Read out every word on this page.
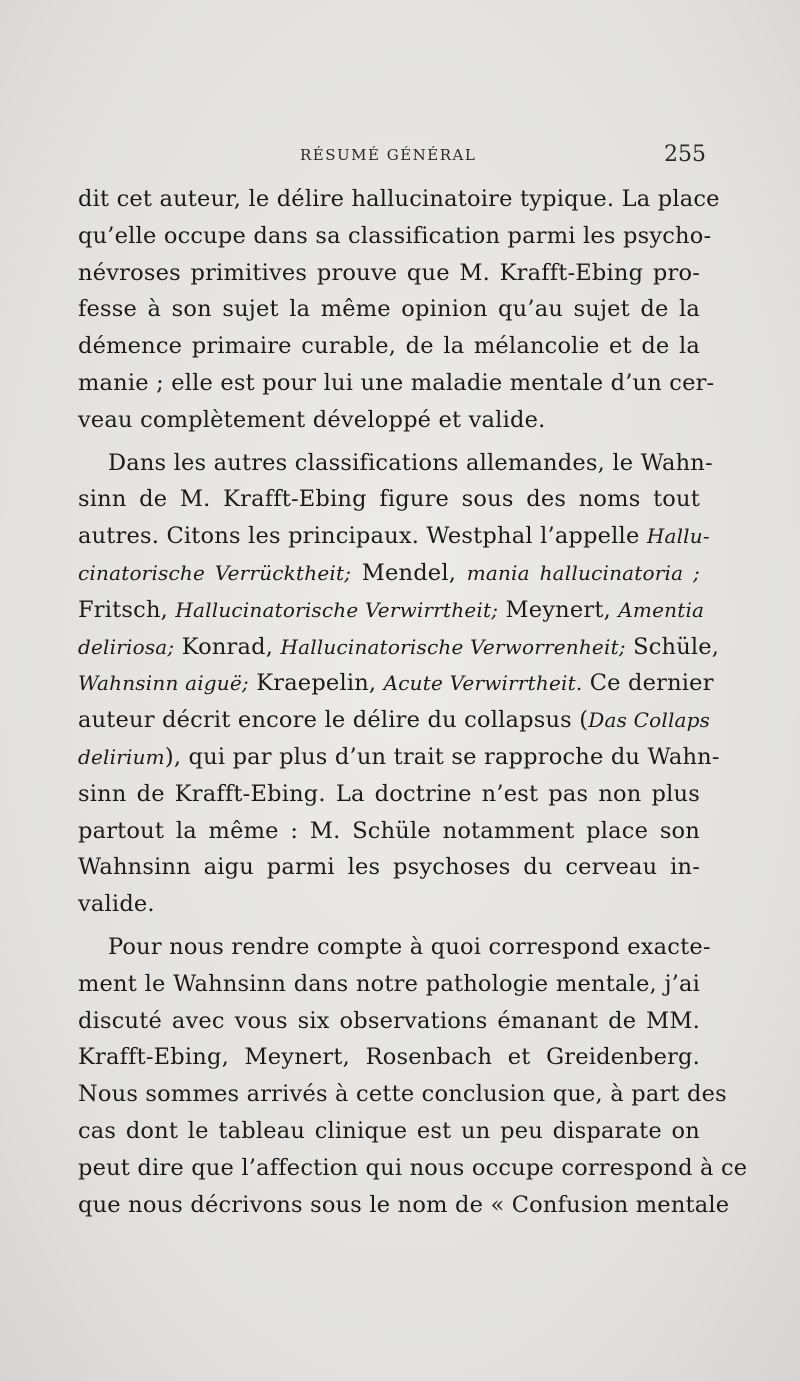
RÉSUMÉ GÉNÉRAL	255
dit cet auteur, le délire hallucinatoire typique. La place
qu’elle occupe dans sa classification parmi les psycho-
névroses primitives prouve que M. Krafft-Ebing pro-
fesse à son sujet la même opinion qu’au sujet de la
démence primaire curable, de la mélancolie et de la
manie ; elle est pour lui une maladie mentale d’un cer-
veau complètement développé et valide.
Dans les autres classifications allemandes, le Wahn-
sinn de M. Krafft-Ebing figure sous des noms tout
autres. Citons les principaux. Westphal l’appelle Hallu-
cinatorische Verrücktheit; Mendel, mania hallucinatoria ;
Fritsch, Hallucinatorische Verwirrtheit; Meynert, Amentia
deliriosa; Konrad, Hallucinatorische Verworrenheit; Schüle,
Wahnsinn aiguë; Kraepelin, Acute Verwirrtheit. Ce dernier
auteur décrit encore le délire du collapsus (Das Collaps
delirium), qui par plus d’un trait se rapproche du Wahn-
sinn de Krafft-Ebing. La doctrine n’est pas non plus
partout la même : M. Schüle notamment place son
Wahnsinn aigu parmi les psychoses du cerveau in-
valide.
Pour nous rendre compte à quoi correspond exacte-
ment le Wahnsinn dans notre pathologie mentale, j’ai
discuté avec vous six observations émanant de MM.
Krafft-Ebing, Meynert, Rosenbach et Greidenberg.
Nous sommes arrivés à cette conclusion que, à part des
cas dont le tableau clinique est un peu disparate on
peut dire que l’affection qui nous occupe correspond à ce
que nous décrivons sous le nom de « Confusion mentale
